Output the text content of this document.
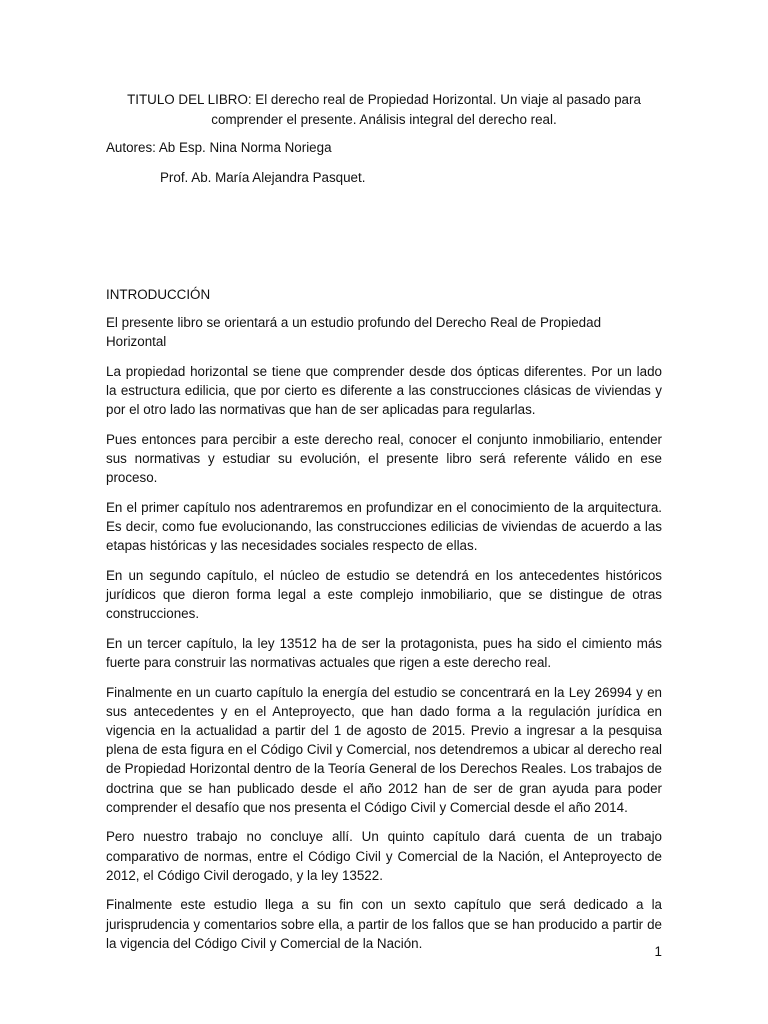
TITULO DEL LIBRO: El derecho real de Propiedad Horizontal. Un viaje al pasado para comprender el presente. Análisis integral del derecho real.
Autores: Ab Esp. Nina Norma Noriega
Prof. Ab. María Alejandra Pasquet.
INTRODUCCIÓN

El presente libro se orientará a un estudio profundo del Derecho Real de Propiedad Horizontal

La propiedad horizontal se tiene que comprender desde dos ópticas diferentes. Por un lado la estructura edilicia, que por cierto es diferente a las construcciones clásicas de viviendas y por el otro lado las normativas que han de ser aplicadas para regularlas.

Pues entonces para percibir a este derecho real, conocer el conjunto inmobiliario, entender sus normativas y estudiar su evolución, el presente libro será referente válido en ese proceso.

En el primer capítulo nos adentraremos en profundizar en el conocimiento de la arquitectura. Es decir, como fue evolucionando, las construcciones edilicias de viviendas de acuerdo a las etapas históricas y las necesidades sociales respecto de ellas.

En un segundo capítulo, el núcleo de estudio se detendrá en los antecedentes históricos jurídicos que dieron forma legal a este complejo inmobiliario, que se distingue de otras construcciones.

En un tercer capítulo, la ley 13512 ha de ser la protagonista, pues ha sido el cimiento más fuerte para construir las normativas actuales que rigen a este derecho real.

Finalmente en un cuarto capítulo la energía del estudio se concentrará en la Ley 26994 y en sus antecedentes y en el Anteproyecto, que han dado forma a la regulación jurídica en vigencia en la actualidad a partir del 1 de agosto de 2015. Previo a ingresar a la pesquisa plena de esta figura en el Código Civil y Comercial, nos detendremos a ubicar al derecho real de Propiedad Horizontal dentro de la Teoría General de los Derechos Reales. Los trabajos de doctrina que se han publicado desde el año 2012 han de ser de gran ayuda para poder comprender el desafío que nos presenta el Código Civil y Comercial desde el año 2014.

Pero nuestro trabajo no concluye allí. Un quinto capítulo dará cuenta de un trabajo comparativo de normas, entre el Código Civil y Comercial de la Nación, el Anteproyecto de 2012, el Código Civil derogado, y la ley 13522.

Finalmente este estudio llega a su fin con un sexto capítulo que será dedicado a la jurisprudencia y comentarios sobre ella, a partir de los fallos que se han producido a partir de la vigencia del Código Civil y Comercial de la Nación.

1
